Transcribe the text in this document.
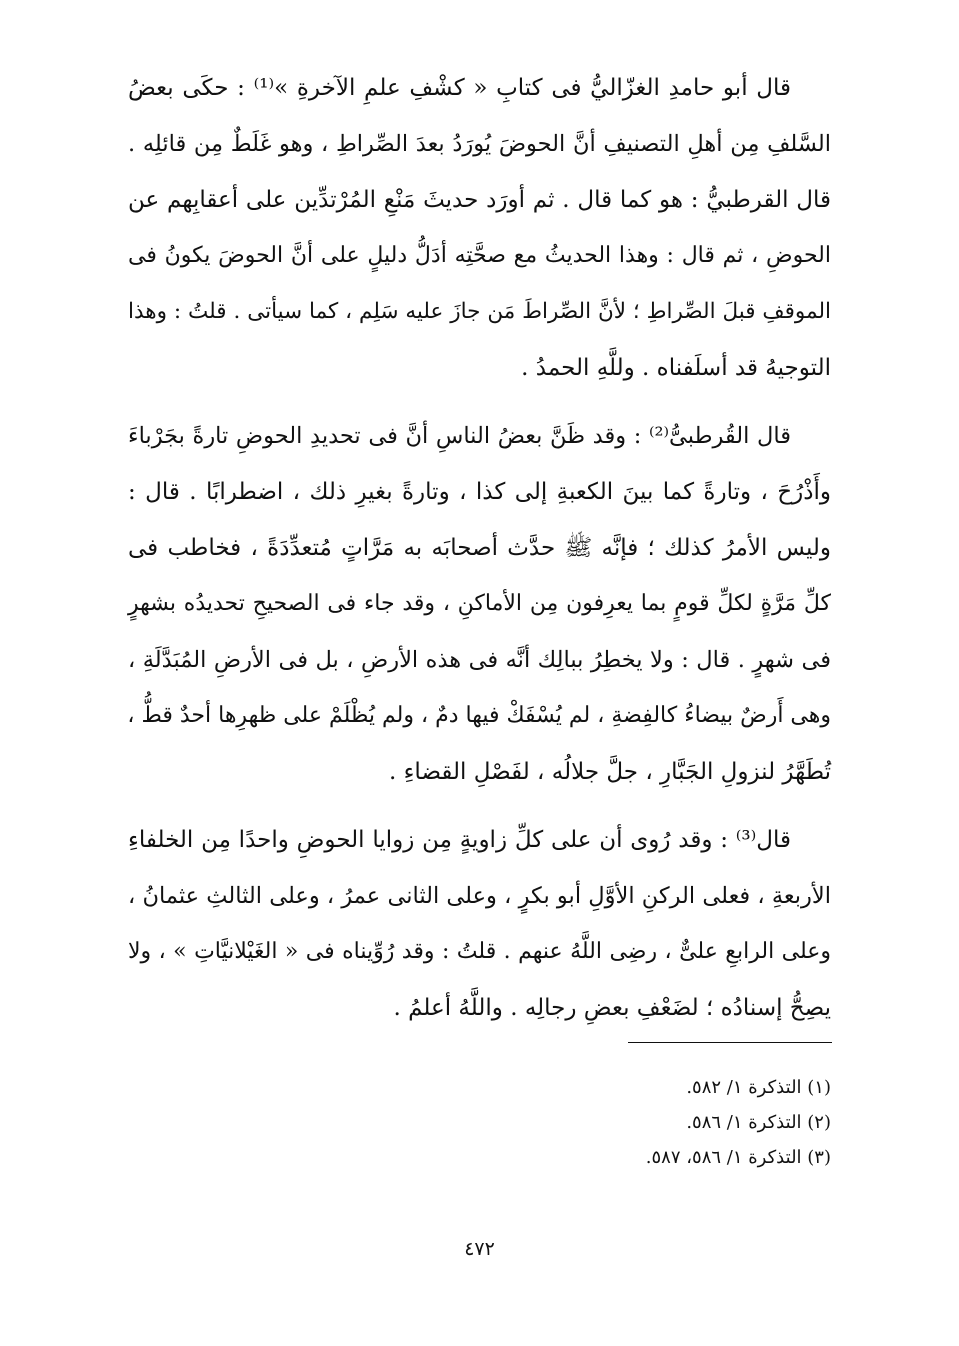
قال أبو حامدِ الغزّاليُّ فى كتابِ « كشْفِ علمِ الآخرةِ »⁽¹⁾ : حكَى بعضُ
السَّلفِ مِن أهلِ التصنيفِ أنَّ الحوضَ يُورَدُ بعدَ الصِّراطِ ، وهو غَلَطٌ مِن قائلِه .
قال القرطبيُّ : هو كما قال . ثم أورَد حديثَ مَنْعِ المُرْتدِّين على أعقابِهم عن
الحوضِ ، ثم قال : وهذا الحديثُ مع صحَّتِه أدَلُّ دليلٍ على أنَّ الحوضَ يكونُ فى
الموقفِ قبلَ الصِّراطِ ؛ لأنَّ الصِّراطَ مَن جازَ عليه سَلِم ، كما سيأتى . قلتُ : وهذا
التوجيهُ قد أسلَفناه . وللَّهِ الحمدُ .
قال القُرطبىُّ⁽²⁾ : وقد ظَنَّ بعضُ الناسِ أنَّ فى تحديدِ الحوضِ تارةً بجَرْباءَ
وأَذْرُحَ ، وتارةً كما بينَ الكعبةِ إلى كذا ، وتارةً بغيرِ ذلك ، اضطرابًا . قال :
وليس الأمرُ كذلك ؛ فإنَّه ﷺ حدَّث أصحابَه به مَرَّاتٍ مُتعدِّدَةً ، فخاطب فى
كلِّ مَرَّةٍ لكلِّ قومٍ بما يعرِفون مِن الأماكنِ ، وقد جاء فى الصحيحِ تحديدُه بشهرٍ
فى شهرٍ . قال : ولا يخطِرُ ببالِك أنَّه فى هذه الأرضِ ، بل فى الأرضِ المُبَدَّلَةِ ،
وهى أَرضٌ بيضاءُ كالفِضةِ ، لم يُسْفَكْ فيها دمٌ ، ولم يُظْلَمْ على ظهرِها أحدٌ قطُّ ،
تُطَهَّرُ لنزولِ الجَبَّارِ ، جلَّ جلالُه ، لفَصْلِ القضاءِ .
قال⁽³⁾ : وقد رُوى أن على كلِّ زاويةٍ مِن زوايا الحوضِ واحدًا مِن الخلفاءِ
الأربعةِ ، فعلى الركنِ الأوَّلِ أبو بكرٍ ، وعلى الثانى عمرُ ، وعلى الثالثِ عثمانُ ،
وعلى الرابعِ علىٌّ ، رضِى اللَّهُ عنهم . قلتُ : وقد رُوِّيناه فى « الغَيْلانيَّاتِ » ، ولا
يصِحُّ إسنادُه ؛ لضَعْفِ بعضِ رجالِه . واللَّهُ أعلمُ .
(١) التذكرة ١/ ٥٨٢.
(٢) التذكرة ١/ ٥٨٦.
(٣) التذكرة ١/ ٥٨٦، ٥٨٧.
٤٧٢
